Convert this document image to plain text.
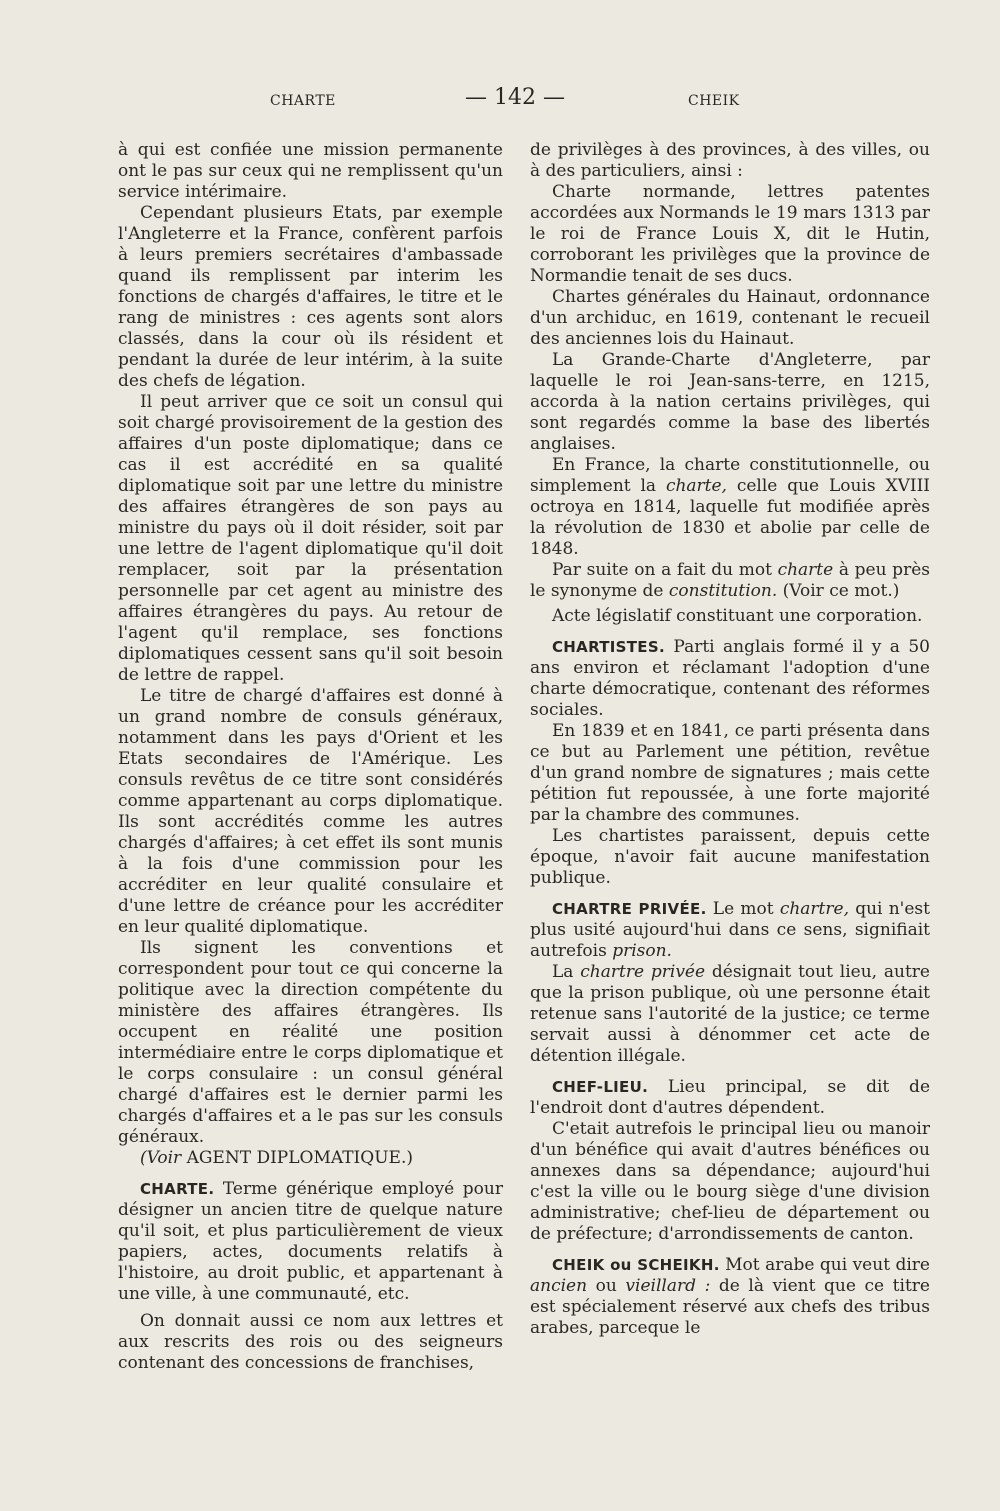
CHARTE	— 142 —	CHEIK

à qui est confiée une mission permanente ont le pas sur ceux qui ne remplissent qu'un service intérimaire.

Cependant plusieurs Etats, par exemple l'Angleterre et la France, confèrent parfois à leurs premiers secrétaires d'ambassade quand ils remplissent par interim les fonctions de chargés d'affaires, le titre et le rang de ministres : ces agents sont alors classés, dans la cour où ils résident et pendant la durée de leur intérim, à la suite des chefs de légation.

Il peut arriver que ce soit un consul qui soit chargé provisoirement de la gestion des affaires d'un poste diplomatique; dans ce cas il est accrédité en sa qualité diplomatique soit par une lettre du ministre des affaires étrangères de son pays au ministre du pays où il doit résider, soit par une lettre de l'agent diplomatique qu'il doit remplacer, soit par la présentation personnelle par cet agent au ministre des affaires étrangères du pays. Au retour de l'agent qu'il remplace, ses fonctions diplomatiques cessent sans qu'il soit besoin de lettre de rappel.

Le titre de chargé d'affaires est donné à un grand nombre de consuls généraux, notamment dans les pays d'Orient et les Etats secondaires de l'Amérique. Les consuls revêtus de ce titre sont considérés comme appartenant au corps diplomatique. Ils sont accrédités comme les autres chargés d'affaires; à cet effet ils sont munis à la fois d'une commission pour les accréditer en leur qualité consulaire et d'une lettre de créance pour les accréditer en leur qualité diplomatique.

Ils signent les conventions et correspondent pour tout ce qui concerne la politique avec la direction compétente du ministère des affaires étrangères. Ils occupent en réalité une position intermédiaire entre le corps diplomatique et le corps consulaire : un consul général chargé d'affaires est le dernier parmi les chargés d'affaires et a le pas sur les consuls généraux.

(Voir AGENT DIPLOMATIQUE.)

CHARTE. Terme générique employé pour désigner un ancien titre de quelque nature qu'il soit, et plus particulièrement de vieux papiers, actes, documents relatifs à l'histoire, au droit public, et appartenant à une ville, à une communauté, etc.

On donnait aussi ce nom aux lettres et aux rescrits des rois ou des seigneurs contenant des concessions de franchises,

de privilèges à des provinces, à des villes, ou à des particuliers, ainsi :

Charte normande, lettres patentes accordées aux Normands le 19 mars 1313 par le roi de France Louis X, dit le Hutin, corroborant les privilèges que la province de Normandie tenait de ses ducs.

Chartes générales du Hainaut, ordonnance d'un archiduc, en 1619, contenant le recueil des anciennes lois du Hainaut.

La Grande-Charte d'Angleterre, par laquelle le roi Jean-sans-terre, en 1215, accorda à la nation certains privilèges, qui sont regardés comme la base des libertés anglaises.

En France, la charte constitutionnelle, ou simplement la charte, celle que Louis XVIII octroya en 1814, laquelle fut modifiée après la révolution de 1830 et abolie par celle de 1848.

Par suite on a fait du mot charte à peu près le synonyme de constitution. (Voir ce mot.)

Acte législatif constituant une corporation.

CHARTISTES. Parti anglais formé il y a 50 ans environ et réclamant l'adoption d'une charte démocratique, contenant des réformes sociales.

En 1839 et en 1841, ce parti présenta dans ce but au Parlement une pétition, revêtue d'un grand nombre de signatures ; mais cette pétition fut repoussée, à une forte majorité par la chambre des communes.

Les chartistes paraissent, depuis cette époque, n'avoir fait aucune manifestation publique.

CHARTRE PRIVÉE. Le mot chartre, qui n'est plus usité aujourd'hui dans ce sens, signifiait autrefois prison.

La chartre privée désignait tout lieu, autre que la prison publique, où une personne était retenue sans l'autorité de la justice; ce terme servait aussi à dénommer cet acte de détention illégale.

CHEF-LIEU. Lieu principal, se dit de l'endroit dont d'autres dépendent.

C'etait autrefois le principal lieu ou manoir d'un bénéfice qui avait d'autres bénéfices ou annexes dans sa dépendance; aujourd'hui c'est la ville ou le bourg siège d'une division administrative; chef-lieu de département ou de préfecture; d'arrondissements de canton.

CHEIK ou SCHEIKH. Mot arabe qui veut dire ancien ou vieillard : de là vient que ce titre est spécialement réservé aux chefs des tribus arabes, parceque le
